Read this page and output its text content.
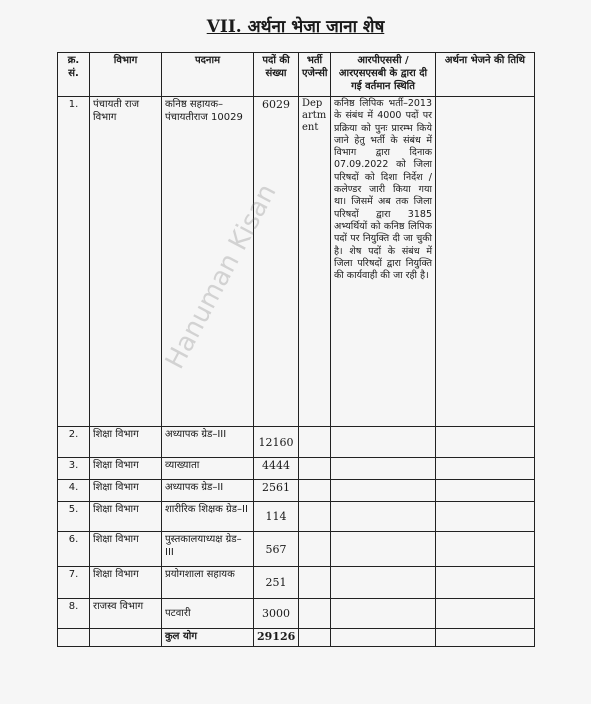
VII. अर्थना भेजा जाना शेष
क्र. सं.	विभाग	पदनाम	पदों की संख्या	भर्ती एजेन्सी	आरपीएससी / आरएसएसबी के द्वारा दी गई वर्तमान स्थिति	अर्थना भेजने की तिथि
1.	पंचायती राज विभाग	कनिष्ठ सहायक– पंचायतीराज 10029	6029	Department	कनिष्ठ लिपिक भर्ती–2013 के संबंध में 4000 पदों पर प्रक्रिया को पुनः प्रारम्भ किये जाने हेतु भर्ती के संबंध में विभाग द्वारा दिनाक 07.09.2022 को जिला परिषदों को दिशा निर्देश / कलेण्डर जारी किया गया था। जिसमें अब तक जिला परिषदों द्वारा 3185 अभ्यर्थियों को कनिष्ठ लिपिक पदों पर नियुक्ति दी जा चुकी है। शेष पदों के संबंध में जिला परिषदों द्वारा नियुक्ति की कार्यवाही की जा रही है।	
2.	शिक्षा विभाग	अध्यापक ग्रेड–III	12160			
3.	शिक्षा विभाग	व्याख्याता	4444			
4.	शिक्षा विभाग	अध्यापक ग्रेड–II	2561			
5.	शिक्षा विभाग	शारीरिक शिक्षक ग्रेड–II	114			
6.	शिक्षा विभाग	पुस्तकालयाध्यक्ष ग्रेड–III	567			
7.	शिक्षा विभाग	प्रयोगशाला सहायक	251			
8.	राजस्व विभाग	पटवारी	3000			
		कुल योग	29126			
Hanuman Kisan
